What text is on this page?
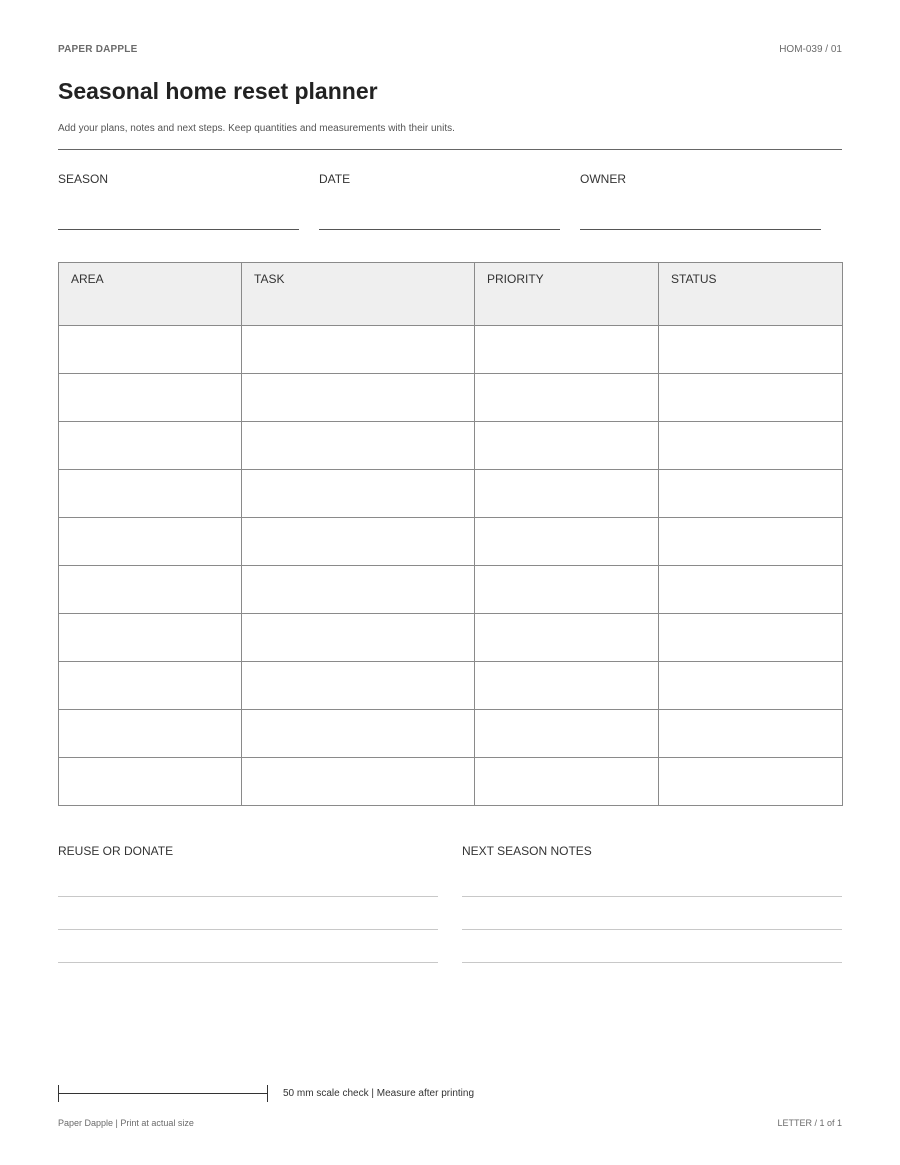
PAPER DAPPLE	HOM-039 / 01
Seasonal home reset planner
Add your plans, notes and next steps. Keep quantities and measurements with their units.
SEASON	DATE	OWNER
AREA	TASK	PRIORITY	STATUS

REUSE OR DONATE	NEXT SEASON NOTES
50 mm scale check | Measure after printing
Paper Dapple | Print at actual size	LETTER / 1 of 1
